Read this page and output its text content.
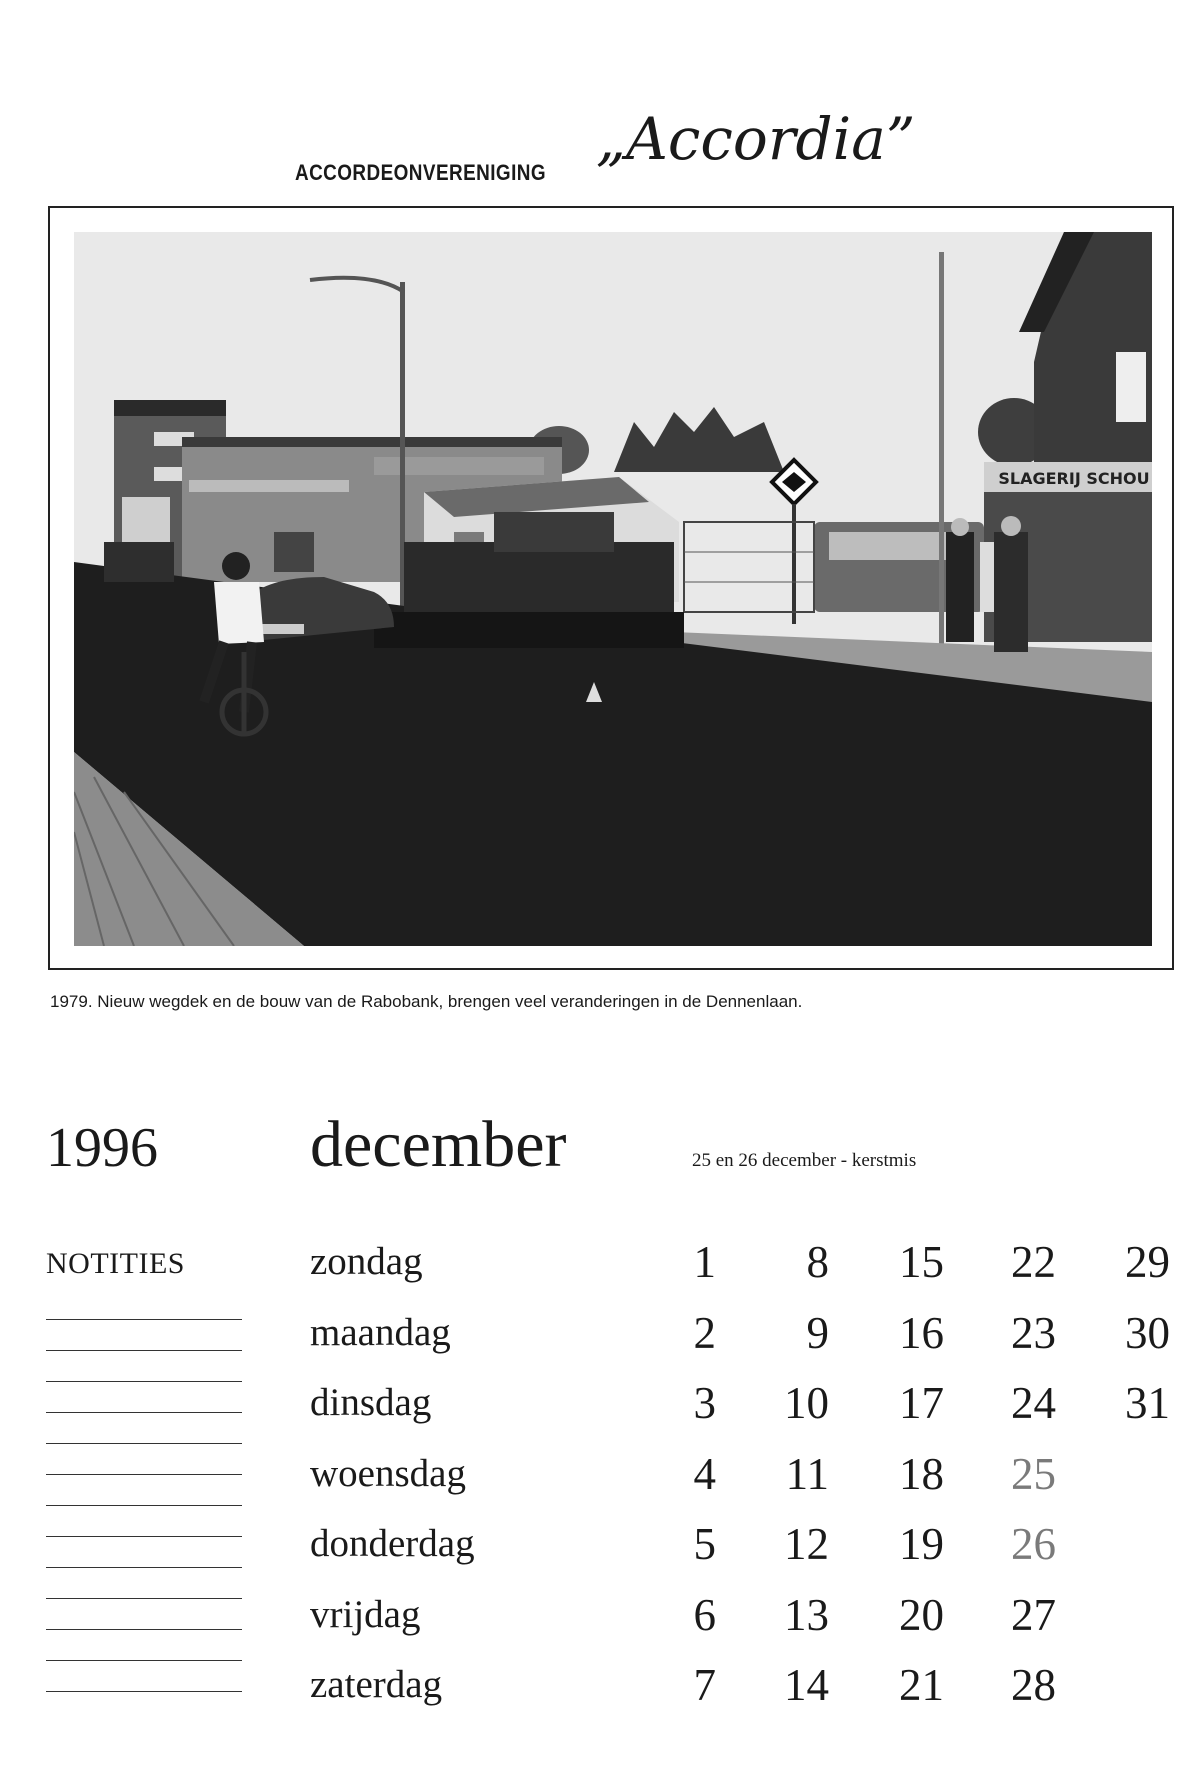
ACCORDEONVERENIGING „Accordia”
SLAGERIJ SCHOU
1979. Nieuw wegdek en de bouw van de Rabobank, brengen veel veranderingen in de Dennenlaan.
1996 december	25 en 26 december - kerstmis
NOTITIES	zondag	1	8	15	22	29
maandag	2	9	16	23	30
dinsdag	3	10	17	24	31
woensdag	4	11	18	25
donderdag	5	12	19	26
vrijdag	6	13	20	27
zaterdag	7	14	21	28
